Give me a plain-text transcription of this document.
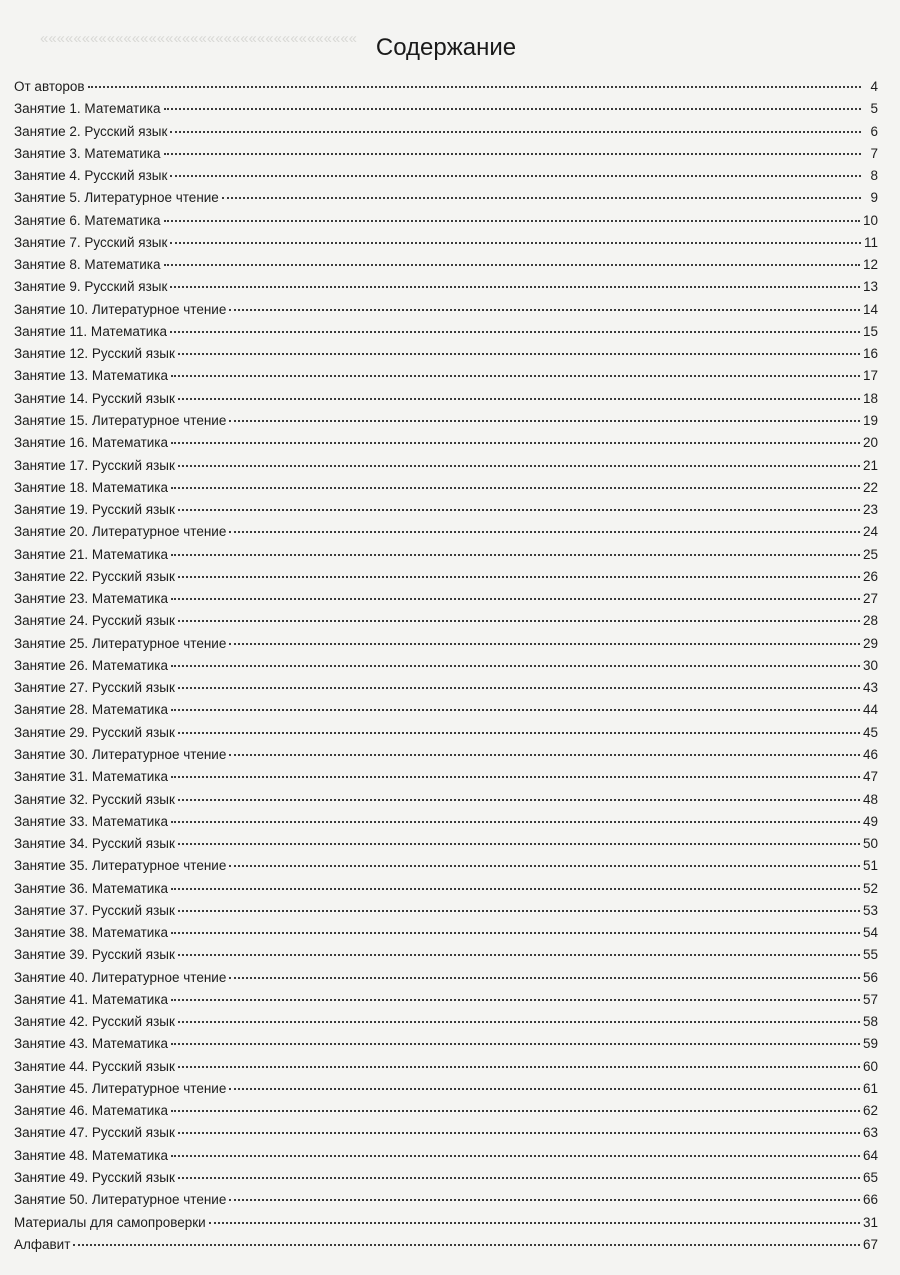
«««««««««««««««««««««««««««««««««««««« Содержание
От авторов	4
Занятие 1. Математика	5
Занятие 2. Русский язык	6
Занятие 3. Математика	7
Занятие 4. Русский язык	8
Занятие 5. Литературное чтение	9
Занятие 6. Математика	10
Занятие 7. Русский язык	11
Занятие 8. Математика	12
Занятие 9. Русский язык	13
Занятие 10. Литературное чтение	14
Занятие 11. Математика	15
Занятие 12. Русский язык	16
Занятие 13. Математика	17
Занятие 14. Русский язык	18
Занятие 15. Литературное чтение	19
Занятие 16. Математика	20
Занятие 17. Русский язык	21
Занятие 18. Математика	22
Занятие 19. Русский язык	23
Занятие 20. Литературное чтение	24
Занятие 21. Математика	25
Занятие 22. Русский язык	26
Занятие 23. Математика	27
Занятие 24. Русский язык	28
Занятие 25. Литературное чтение	29
Занятие 26. Математика	30
Занятие 27. Русский язык	43
Занятие 28. Математика	44
Занятие 29. Русский язык	45
Занятие 30. Литературное чтение	46
Занятие 31. Математика	47
Занятие 32. Русский язык	48
Занятие 33. Математика	49
Занятие 34. Русский язык	50
Занятие 35. Литературное чтение	51
Занятие 36. Математика	52
Занятие 37. Русский язык	53
Занятие 38. Математика	54
Занятие 39. Русский язык	55
Занятие 40. Литературное чтение	56
Занятие 41. Математика	57
Занятие 42. Русский язык	58
Занятие 43. Математика	59
Занятие 44. Русский язык	60
Занятие 45. Литературное чтение	61
Занятие 46. Математика	62
Занятие 47. Русский язык	63
Занятие 48. Математика	64
Занятие 49. Русский язык	65
Занятие 50. Литературное чтение	66
Материалы для самопроверки	31
Алфавит	67
